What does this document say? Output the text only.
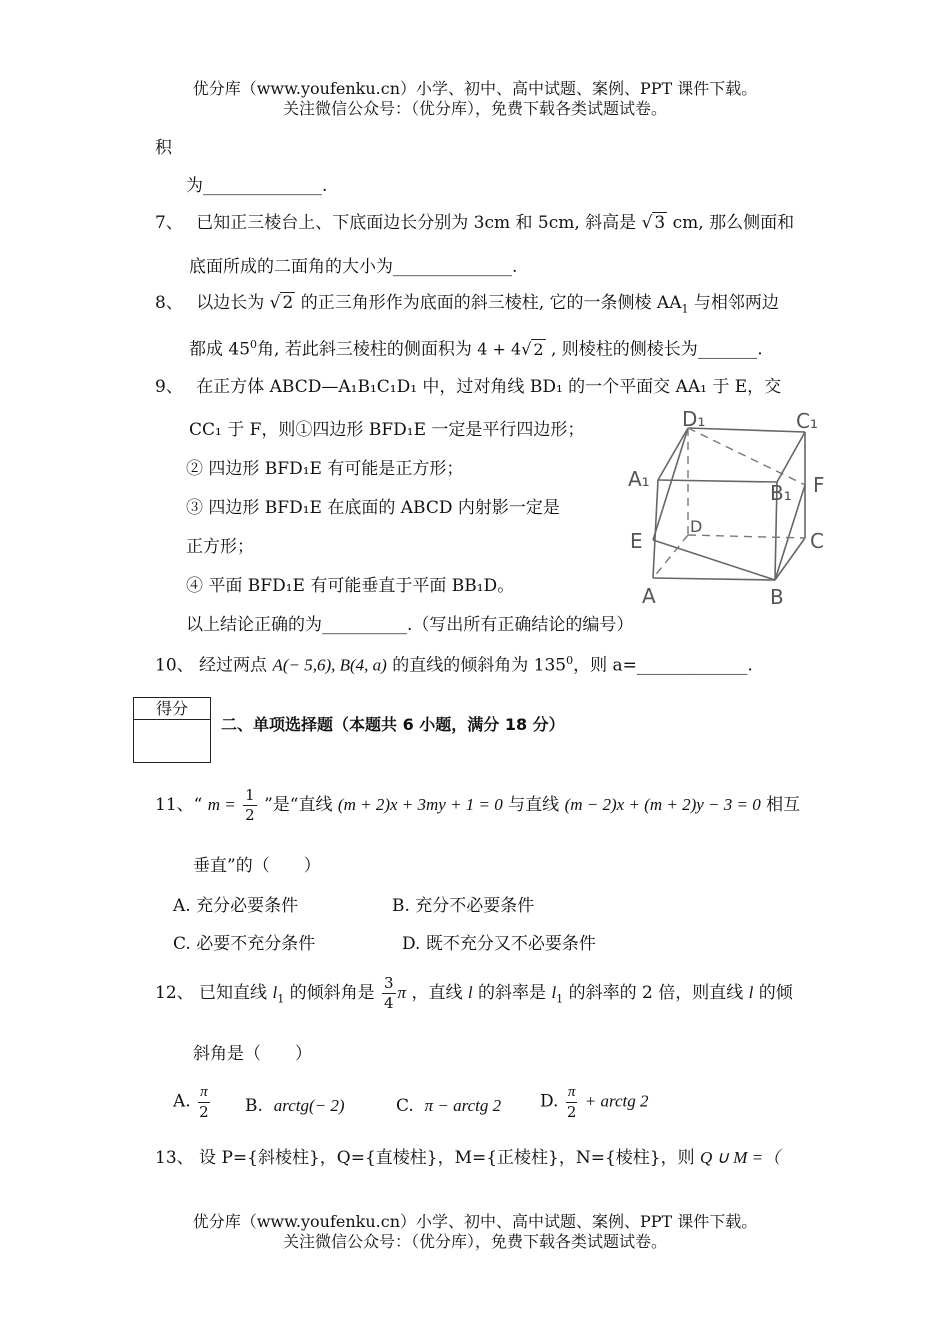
优分库（www.youfenku.cn）小学、初中、高中试题、案例、PPT 课件下载。
关注微信公众号：（优分库），免费下载各类试题试卷。
积
为______________.
7、 已知正三棱台上、下底面边长分别为 3cm 和 5cm, 斜高是 √ 3 cm, 那么侧面和
底面所成的二面角的大小为______________.
8、 以边长为 √ 2 的正三角形作为底面的斜三棱柱, 它的一条侧棱 $AA_1$ 与相邻两边
都成 $45^0$角, 若此斜三棱柱的侧面积为 4 + 4√ 2 , 则棱柱的侧棱长为_______.
9、 在正方体 ABCD—A₁B₁C₁D₁ 中，过对角线 BD₁ 的一个平面交 AA₁ 于 E，交
CC₁ 于 F，则①四边形 BFD₁E 一定是平行四边形；
② 四边形 BFD₁E 有可能是正方形；
③ 四边形 BFD₁E 在底面的 ABCD 内射影一定是
正方形；
④ 平面 BFD₁E 有可能垂直于平面 BB₁D。
以上结论正确的为__________.（写出所有正确结论的编号）
D₁	C₁
A₁
B₁ F
E
D
C
A	B
10、 经过两点 A(− 5,6), B(4, a) 的直线的倾斜角为 $135^0$，则 a=_____________.
得分
二、单项选择题（本题共 6 小题，满分 18 分）
11、“ $m = \frac{1}{2}$ ”是“直线 (m + 2)x + 3my + 1 = 0 与直线 (m − 2)x + (m + 2)y − 3 = 0 相互
垂直”的（　　）
A. 充分必要条件	B. 充分不必要条件
C. 必要不充分条件	D. 既不充分又不必要条件
12、 已知直线 $l_1$ 的倾斜角是 $\frac{3}{4}$ π ，直线 l 的斜率是 $l_1$ 的斜率的 2 倍，则直线 l 的倾
斜角是（　　）
A. $\frac{\pi}{2} B$. arctg(− 2)	C. π − arctg 2 D. $\frac{\pi}{2}$ + arctg 2
13、 设 P={斜棱柱}，Q={直棱柱}，M={正棱柱}，N={棱柱}，则 Q ∪ M =（
优分库（www.youfenku.cn）小学、初中、高中试题、案例、PPT 课件下载。
关注微信公众号：（优分库），免费下载各类试题试卷。
